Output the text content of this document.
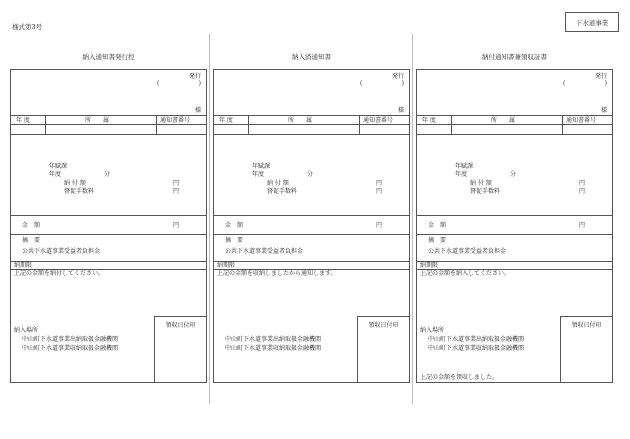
様式第3号
下水道事業
納入通知書発行控
発行
(	)
様
年 度	所　　属	通知書番号
年賦課
年度	分
納 付 額	円
督促手数料	円
金　額	円
摘　要
公共下水道事業受益者負担金
納期限
上記の金額を納付してください。
納入場所
中山町下水道事業出納取扱金融機関
中山町下水道事業収納取扱金融機関
領収日付印
納入済通知書
発行
(	)
様
年 度	所　　属	通知書番号
年賦課
年度	分
納 付 額	円
督促手数料	円
金　額	円
摘　要
公共下水道事業受益者負担金
納期限
上記の金額を収納しましたから通知します。
中山町下水道事業出納取扱金融機関
中山町下水道事業収納取扱金融機関
領収日付印
納付通知書兼領収証書
発行
(	)
様
年 度	所　　属	通知書番号
年賦課
年度	分
納 付 額	円
督促手数料	円
金　額	円
摘　要
公共下水道事業受益者負担金
納期限
上記の金額を納入してください。
納入場所
中山町下水道事業出納取扱金融機関
中山町下水道事業収納取扱金融機関
上記の金額を領収しました。
領収日付印
